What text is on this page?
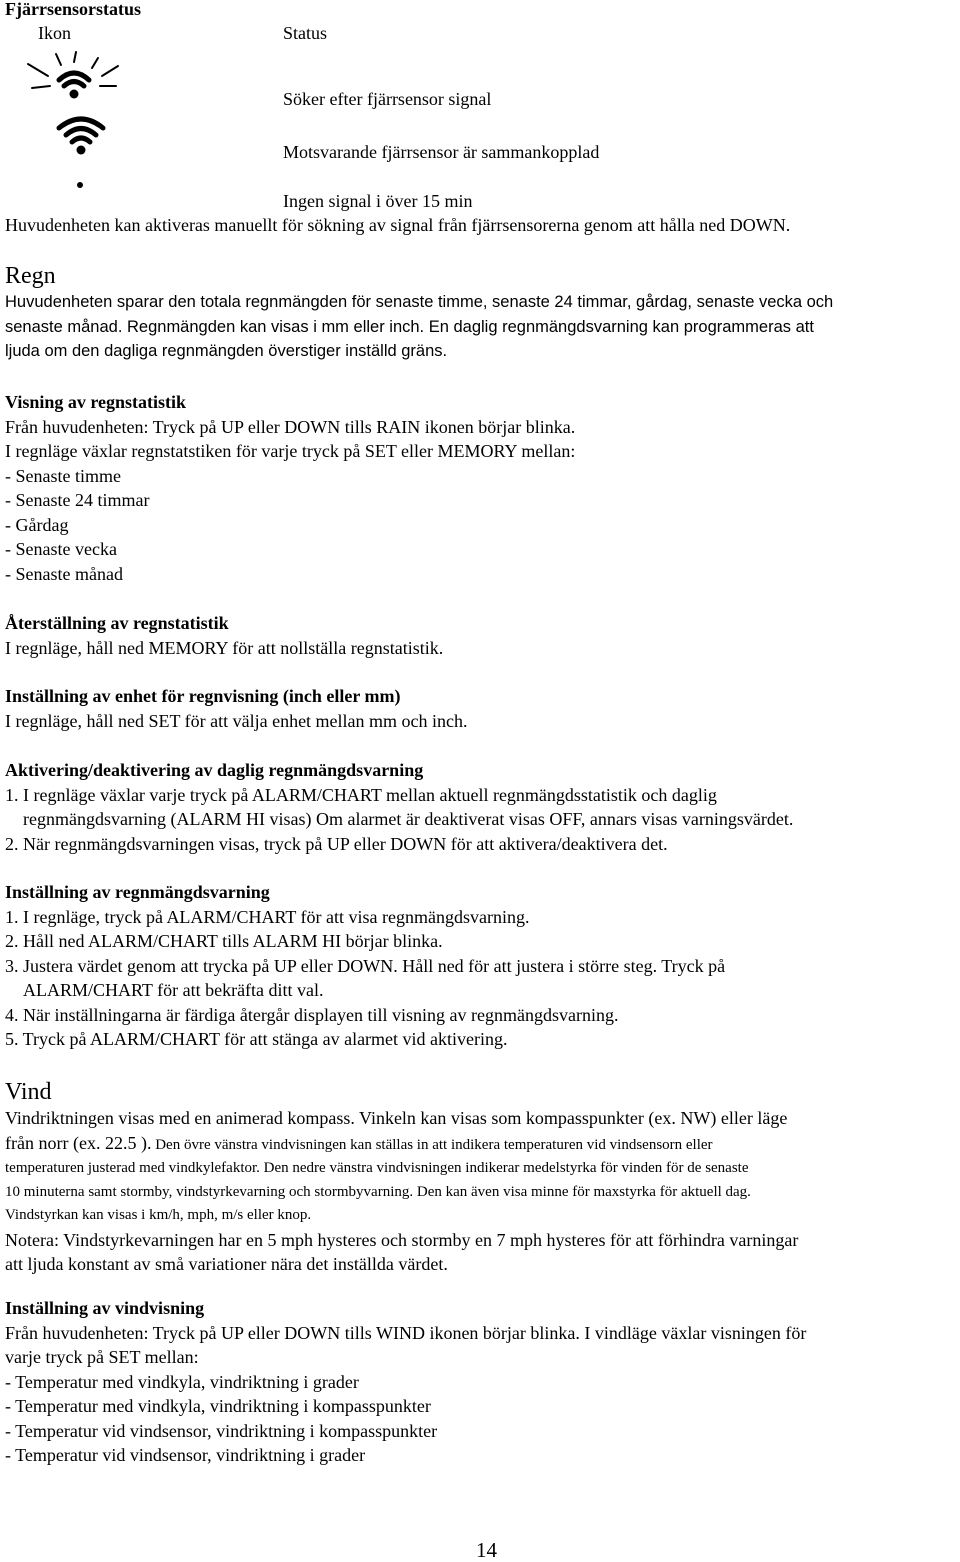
Fjärrsensorstatus
Ikon	Status
Söker efter fjärrsensor signal
Motsvarande fjärrsensor är sammankopplad
Ingen signal i över 15 min
Huvudenheten kan aktiveras manuellt för sökning av signal från fjärrsensorerna genom att hålla ned DOWN.
Regn
Huvudenheten sparar den totala regnmängden för senaste timme, senaste 24 timmar, gårdag, senaste vecka och
senaste månad. Regnmängden kan visas i mm eller inch. En daglig regnmängdsvarning kan programmeras att
ljuda om den dagliga regnmängden överstiger inställd gräns.
Visning av regnstatistik
Från huvudenheten: Tryck på UP eller DOWN tills RAIN ikonen börjar blinka.
I regnläge växlar regnstatstiken för varje tryck på SET eller MEMORY mellan:
- Senaste timme
- Senaste 24 timmar
- Gårdag
- Senaste vecka
- Senaste månad
Återställning av regnstatistik
I regnläge, håll ned MEMORY för att nollställa regnstatistik.
Inställning av enhet för regnvisning (inch eller mm)
I regnläge, håll ned SET för att välja enhet mellan mm och inch.
Aktivering/deaktivering av daglig regnmängdsvarning
1. I regnläge växlar varje tryck på ALARM/CHART mellan aktuell regnmängdsstatistik och daglig
regnmängdsvarning (ALARM HI visas) Om alarmet är deaktiverat visas OFF, annars visas varningsvärdet.
2. När regnmängdsvarningen visas, tryck på UP eller DOWN för att aktivera/deaktivera det.
Inställning av regnmängdsvarning
1. I regnläge, tryck på ALARM/CHART för att visa regnmängdsvarning.
2. Håll ned ALARM/CHART tills ALARM HI börjar blinka.
3. Justera värdet genom att trycka på UP eller DOWN. Håll ned för att justera i större steg. Tryck på
ALARM/CHART för att bekräfta ditt val.
4. När inställningarna är färdiga återgår displayen till visning av regnmängdsvarning.
5. Tryck på ALARM/CHART för att stänga av alarmet vid aktivering.
Vind
Vindriktningen visas med en animerad kompass. Vinkeln kan visas som kompasspunkter (ex. NW) eller läge
från norr (ex. 22.5 ). Den övre vänstra vindvisningen kan ställas in att indikera temperaturen vid vindsensorn eller
temperaturen justerad med vindkylefaktor. Den nedre vänstra vindvisningen indikerar medelstyrka för vinden för de senaste
10 minuterna samt stormby, vindstyrkevarning och stormbyvarning. Den kan även visa minne för maxstyrka för aktuell dag.
Vindstyrkan kan visas i km/h, mph, m/s eller knop.
Notera: Vindstyrkevarningen har en 5 mph hysteres och stormby en 7 mph hysteres för att förhindra varningar
att ljuda konstant av små variationer nära det inställda värdet.
Inställning av vindvisning
Från huvudenheten: Tryck på UP eller DOWN tills WIND ikonen börjar blinka. I vindläge växlar visningen för
varje tryck på SET mellan:
- Temperatur med vindkyla, vindriktning i grader
- Temperatur med vindkyla, vindriktning i kompasspunkter
- Temperatur vid vindsensor, vindriktning i kompasspunkter
- Temperatur vid vindsensor, vindriktning i grader
14
